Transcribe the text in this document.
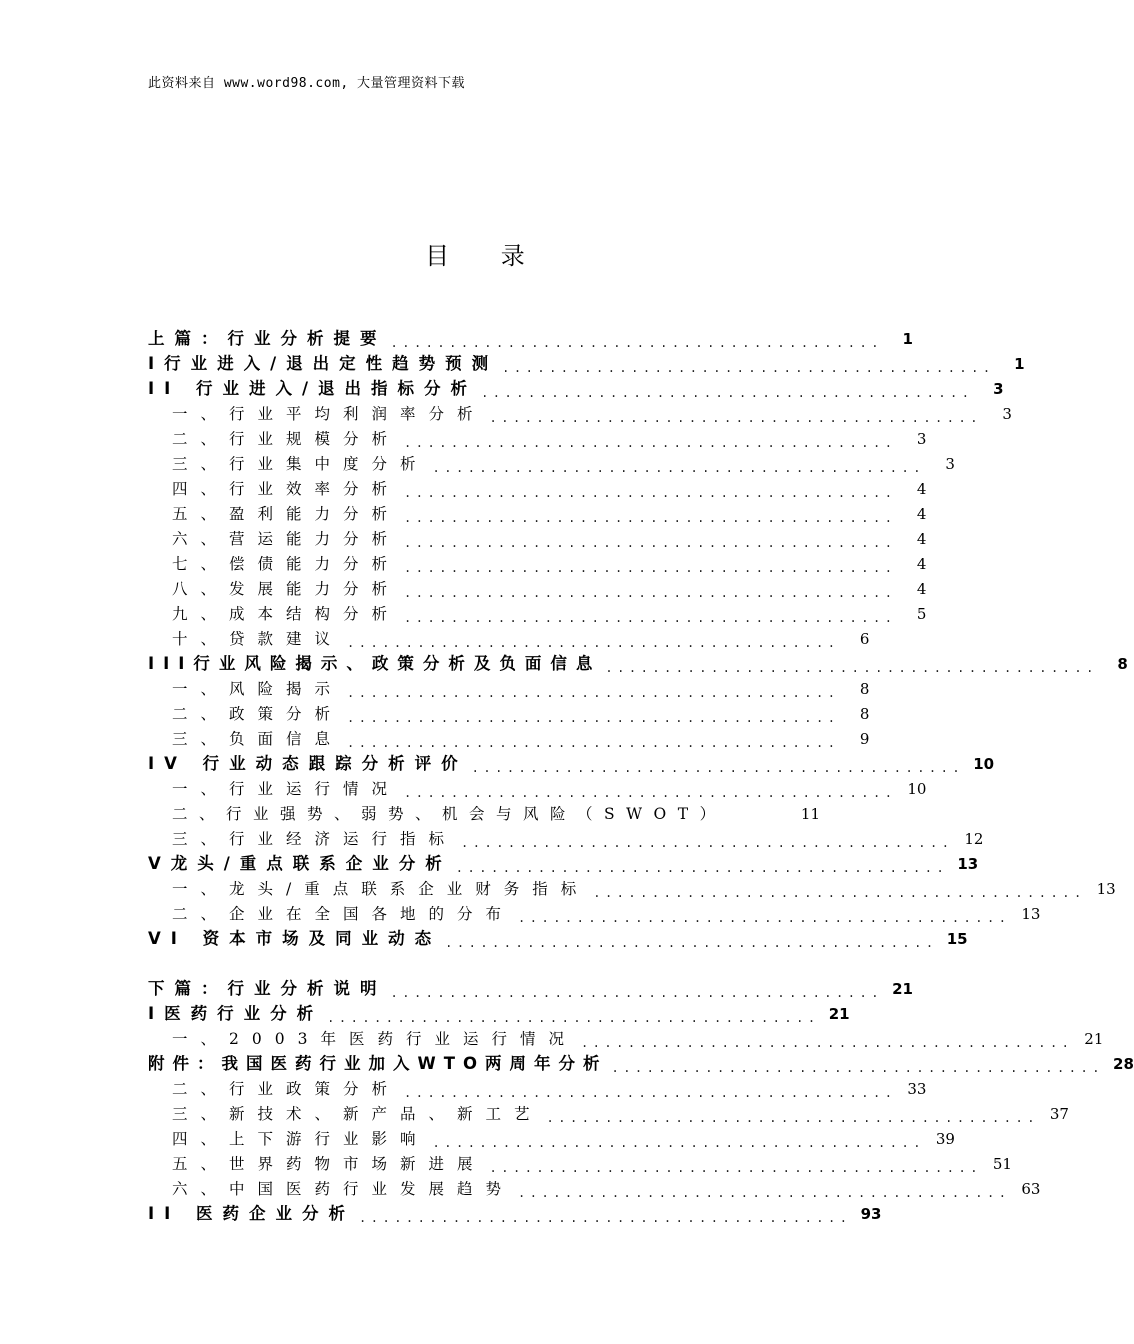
此资料来自 www.word98.com, 大量管理资料下载
目 录
上篇：行业分析提要 ..........................................	1
I行业进入/退出定性趋势预测 ..........................................	1
II 行业进入/退出指标分析 ..........................................	3
一、行业平均利润率分析 ..........................................	3
二、行业规模分析 ..........................................	3
三、行业集中度分析 ..........................................	3
四、行业效率分析 ..........................................	4
五、盈利能力分析 ..........................................	4
六、营运能力分析 ..........................................	4
七、偿债能力分析 ..........................................	4
八、发展能力分析 ..........................................	4
九、成本结构分析 ..........................................	5
十、贷款建议 ..........................................	6
III行业风险揭示、政策分析及负面信息 ..........................................	8
一、风险揭示 ..........................................	8
二、政策分析 ..........................................	8
三、负面信息 ..........................................	9
IV 行业动态跟踪分析评价 .......................................... 10
一、行业运行情况 .......................................... 10
二、行业强势、弱势、机会与风险（SWOT）	11
三、行业经济运行指标 .......................................... 12
V龙头/重点联系企业分析 .......................................... 13
一、龙头/重点联系企业财务指标 .......................................... 13
二、企业在全国各地的分布 .......................................... 13
VI 资本市场及同业动态 .......................................... 15
下篇：行业分析说明 .......................................... 21
I医药行业分析 .......................................... 21
一、2003年医药行业运行情况 .......................................... 21
附件：我国医药行业加入WTO两周年分析 .......................................... 28
二、行业政策分析 .......................................... 33
三、新技术、新产品、新工艺 .......................................... 37
四、上下游行业影响 .......................................... 39
五、世界药物市场新进展 .......................................... 51
六、中国医药行业发展趋势 .......................................... 63
II 医药企业分析 .......................................... 93
